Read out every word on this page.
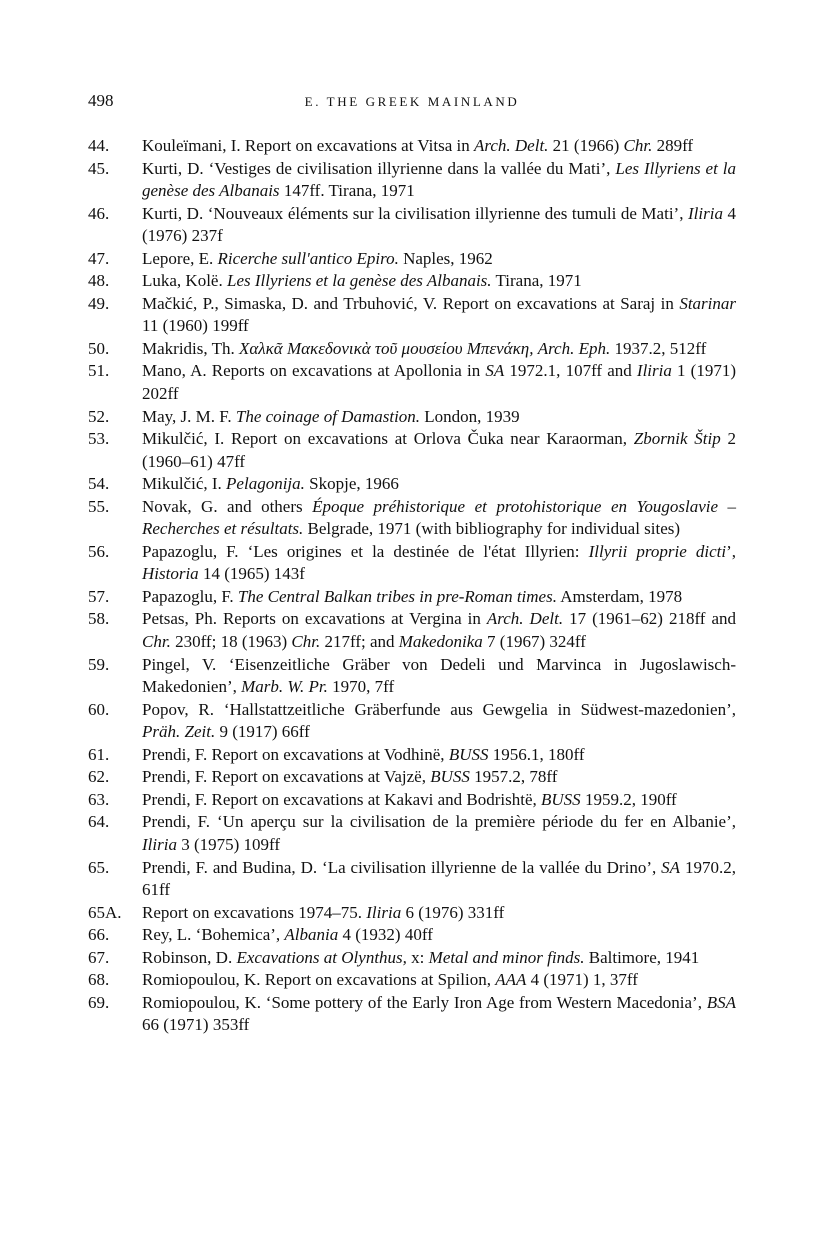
498	E. THE GREEK MAINLAND
44.	Kouleïmani, I. Report on excavations at Vitsa in Arch. Delt. 21 (1966) Chr. 289ff
45.	Kurti, D. ‘Vestiges de civilisation illyrienne dans la vallée du Mati’, Les Illyriens et la genèse des Albanais 147ff. Tirana, 1971
46.	Kurti, D. ‘Nouveaux éléments sur la civilisation illyrienne des tumuli de Mati’, Iliria 4 (1976) 237f
47.	Lepore, E. Ricerche sull'antico Epiro. Naples, 1962
48.	Luka, Kolë. Les Illyriens et la genèse des Albanais. Tirana, 1971
49.	Mačkić, P., Simaska, D. and Trbuhović, V. Report on excavations at Saraj in Starinar 11 (1960) 199ff
50.	Makridis, Th. Χαλκᾶ Μακεδονικὰ τοῦ μουσείου Μπενάκη, Arch. Eph. 1937.2, 512ff
51.	Mano, A. Reports on excavations at Apollonia in SA 1972.1, 107ff and Iliria 1 (1971) 202ff
52.	May, J. M. F. The coinage of Damastion. London, 1939
53.	Mikulčić, I. Report on excavations at Orlova Čuka near Karaorman, Zbornik Štip 2 (1960–61) 47ff
54.	Mikulčić, I. Pelagonija. Skopje, 1966
55.	Novak, G. and others Époque préhistorique et protohistorique en Yougoslavie – Recherches et résultats. Belgrade, 1971 (with bibliography for individual sites)
56.	Papazoglu, F. ‘Les origines et la destinée de l'état Illyrien: Illyrii proprie dicti’, Historia 14 (1965) 143f
57.	Papazoglu, F. The Central Balkan tribes in pre-Roman times. Amsterdam, 1978
58.	Petsas, Ph. Reports on excavations at Vergina in Arch. Delt. 17 (1961–62) 218ff and Chr. 230ff; 18 (1963) Chr. 217ff; and Makedonika 7 (1967) 324ff
59.	Pingel, V. ‘Eisenzeitliche Gräber von Dedeli und Marvinca in Jugoslawisch-Makedonien’, Marb. W. Pr. 1970, 7ff
60.	Popov, R. ‘Hallstattzeitliche Gräberfunde aus Gewgelia in Südwest-mazedonien’, Präh. Zeit. 9 (1917) 66ff
61.	Prendi, F. Report on excavations at Vodhinë, BUSS 1956.1, 180ff
62.	Prendi, F. Report on excavations at Vajzë, BUSS 1957.2, 78ff
63.	Prendi, F. Report on excavations at Kakavi and Bodrishtë, BUSS 1959.2, 190ff
64.	Prendi, F. ‘Un aperçu sur la civilisation de la première période du fer en Albanie’, Iliria 3 (1975) 109ff
65.	Prendi, F. and Budina, D. ‘La civilisation illyrienne de la vallée du Drino’, SA 1970.2, 61ff
65A.	Report on excavations 1974–75. Iliria 6 (1976) 331ff
66.	Rey, L. ‘Bohemica’, Albania 4 (1932) 40ff
67.	Robinson, D. Excavations at Olynthus, x: Metal and minor finds. Baltimore, 1941
68.	Romiopoulou, K. Report on excavations at Spilion, AAA 4 (1971) 1, 37ff
69.	Romiopoulou, K. ‘Some pottery of the Early Iron Age from Western Macedonia’, BSA 66 (1971) 353ff
